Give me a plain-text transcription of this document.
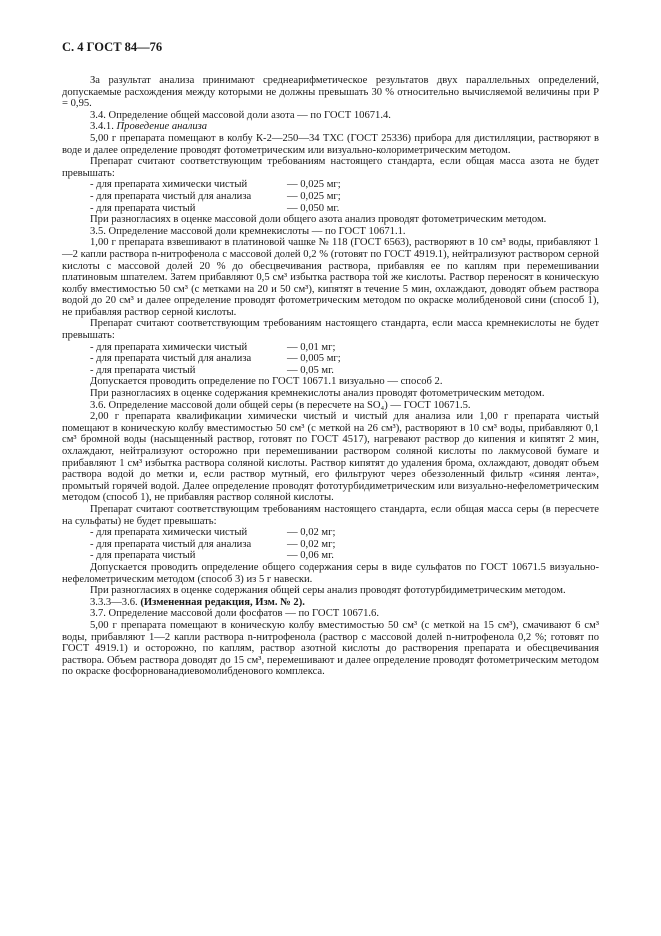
С. 4 ГОСТ 84—76

За разультат анализа принимают среднеарифметическое результатов двух параллельных определений, допускаемые расхождения между которыми не должны превышать 30 % относительно вычисляемой величины при P = 0,95.

3.4. Определение общей массовой доли азота — по ГОСТ 10671.4.

3.4.1. Проведение анализа

5,00 г препарата помещают в колбу К-2—250—34 ТХС (ГОСТ 25336) прибора для дистилляции, растворяют в воде и далее определение проводят фотометрическим или визуально-колориметрическим методом.

Препарат считают соответствующим требованиям настоящего стандарта, если общая масса азота не будет превышать:

- для препарата химически чистый	— 0,025 мг;
- для препарата чистый для анализа	— 0,025 мг;
- для препарата чистый	— 0,050 мг.

При разногласиях в оценке массовой доли общего азота анализ проводят фотометрическим методом.

3.5. Определение массовой доли кремнекислоты — по ГОСТ 10671.1.

1,00 г препарата взвешивают в платиновой чашке № 118 (ГОСТ 6563), растворяют в 10 см³ воды, прибавляют 1—2 капли раствора n-нитрофенола с массовой долей 0,2 % (готовят по ГОСТ 4919.1), нейтрализуют раствором серной кислоты с массовой долей 20 % до обесцвечивания раствора, прибавляя ее по каплям при перемешивании платиновым шпателем. Затем прибавляют 0,5 см³ избытка раствора той же кислоты. Раствор переносят в коническую колбу вместимостью 50 см³ (с метками на 20 и 50 см³), кипятят в течение 5 мин, охлаждают, доводят объем раствора водой до 20 см³ и далее определение проводят фотометрическим методом по окраске молибденовой сини (способ 1), не прибавляя раствор серной кислоты.

Препарат считают соответствующим требованиям настоящего стандарта, если масса кремнекислоты не будет превышать:

- для препарата химически чистый	— 0,01 мг;
- для препарата чистый для анализа	— 0,005 мг;
- для препарата чистый	— 0,05 мг.

Допускается проводить определение по ГОСТ 10671.1 визуально — способ 2.

При разногласиях в оценке содержания кремнекислоты анализ проводят фотометрическим методом.

3.6. Определение массовой доли общей серы (в пересчете на SO₄) — ГОСТ 10671.5.

2,00 г препарата квалификации химически чистый и чистый для анализа или 1,00 г препарата чистый помещают в коническую колбу вместимостью 50 см³ (с меткой на 26 см³), растворяют в 10 см³ воды, прибавляют 0,1 см³ бромной воды (насыщенный раствор, готовят по ГОСТ 4517), нагревают раствор до кипения и кипятят 2 мин, охлаждают, нейтрализуют осторожно при перемешивании раствором соляной кислоты по лакмусовой бумаге и прибавляют 1 см³ избытка раствора соляной кислоты. Раствор кипятят до удаления брома, охлаждают, доводят объем раствора водой до метки и, если раствор мутный, его фильтруют через обеззоленный фильтр «синяя лента», промытый горячей водой. Далее определение проводят фототурбидиметрическим или визуально-нефелометрическим методом (способ 1), не прибавляя раствор соляной кислоты.

Препарат считают соответствующим требованиям настоящего стандарта, если общая масса серы (в пересчете на сульфаты) не будет превышать:

- для препарата химически чистый	— 0,02 мг;
- для препарата чистый для анализа	— 0,02 мг;
- для препарата чистый	— 0,06 мг.

Допускается проводить определение общего содержания серы в виде сульфатов по ГОСТ 10671.5 визуально-нефелометрическим методом (способ 3) из 5 г навески.

При разногласиях в оценке содержания общей серы анализ проводят фототурбидиметрическим методом.

3.3.3—3.6. (Измененная редакция, Изм. № 2).

3.7. Определение массовой доли фосфатов — по ГОСТ 10671.6.

5,00 г препарата помещают в коническую колбу вместимостью 50 см³ (с меткой на 15 см³), смачивают 6 см³ воды, прибавляют 1—2 капли раствора n-нитрофенола (раствор с массовой долей n-нитрофенола 0,2 %; готовят по ГОСТ 4919.1) и осторожно, по каплям, раствор азотной кислоты до растворения препарата и обесцвечивания раствора. Объем раствора доводят до 15 см³, перемешивают и далее определение проводят фотометрическим методом по окраске фосфорнованадиевомолибденового комплекса.
